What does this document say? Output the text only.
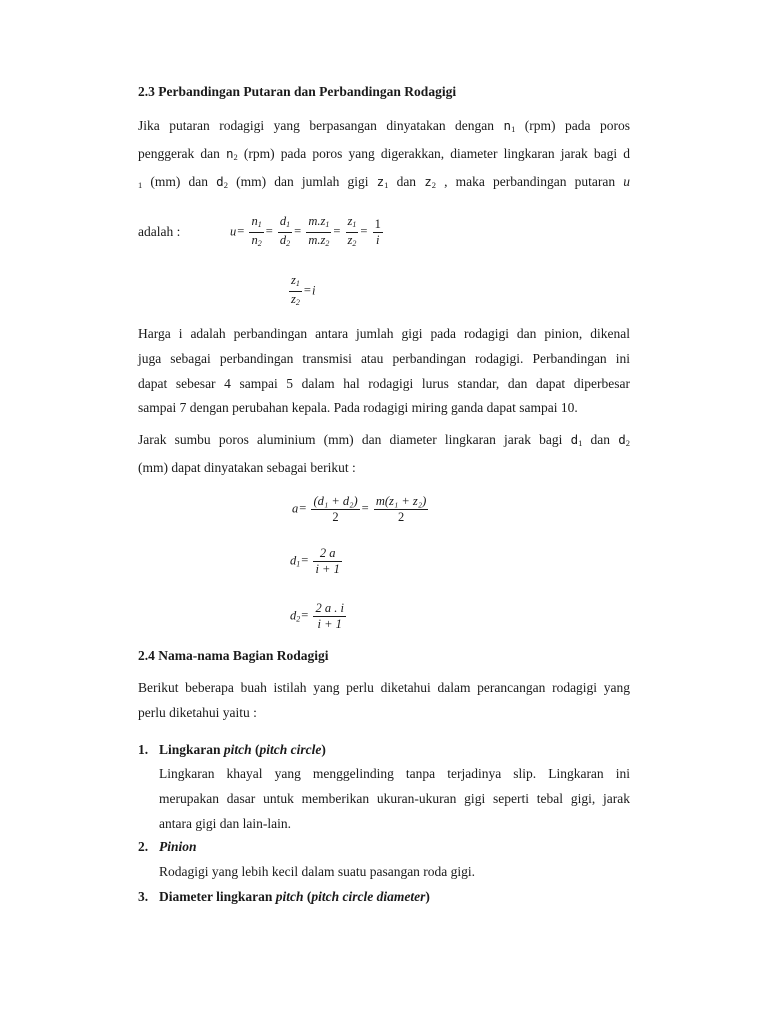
2.3 Perbandingan Putaran dan Perbandingan Rodagigi
Jika putaran rodagigi yang berpasangan dinyatakan dengan $n_1$ (rpm) pada poros
penggerak dan $n_2$ (rpm) pada poros yang digerakkan, diameter lingkaran jarak bagi d
$_1$ (mm) dan $d_2$ (mm) dan jumlah gigi $z_1$ dan $z_2$ , maka perbandingan putaran u
adalah :	$u= \frac{n_1}{n_2} = \frac{d_1}{d_2} = \frac{m.z_1}{m.z_2} = \frac{z_1}{z_2} = \frac{1}{i}$
$\frac{z_1}{z_2} =i$
Harga i adalah perbandingan antara jumlah gigi pada rodagigi dan pinion, dikenal
juga sebagai perbandingan transmisi atau perbandingan rodagigi. Perbandingan ini
dapat sebesar 4 sampai 5 dalam hal rodagigi lurus standar, dan dapat diperbesar
sampai 7 dengan perubahan kepala. Pada rodagigi miring ganda dapat sampai 10.
Jarak sumbu poros aluminium (mm) dan diameter lingkaran jarak bagi $d_1$ dan $d_2$
(mm) dapat dinyatakan sebagai berikut :
$a= \frac{\text{(d₁ + d₂)}}{2} = \frac{\text{m(z₁ + z₂)}}{2}$
$d_1= \frac{2 a}{i + 1}$
$d_2= \frac{2 a . i}{i + 1}$
2.4 Nama-nama Bagian Rodagigi
Berikut beberapa buah istilah yang perlu diketahui dalam perancangan rodagigi yang
perlu diketahui yaitu :
1. Lingkaran pitch (pitch circle)
Lingkaran khayal yang menggelinding tanpa terjadinya slip. Lingkaran ini
merupakan dasar untuk memberikan ukuran-ukuran gigi seperti tebal gigi, jarak
antara gigi dan lain-lain.
2. Pinion
Rodagigi yang lebih kecil dalam suatu pasangan roda gigi.
3. Diameter lingkaran pitch (pitch circle diameter)
